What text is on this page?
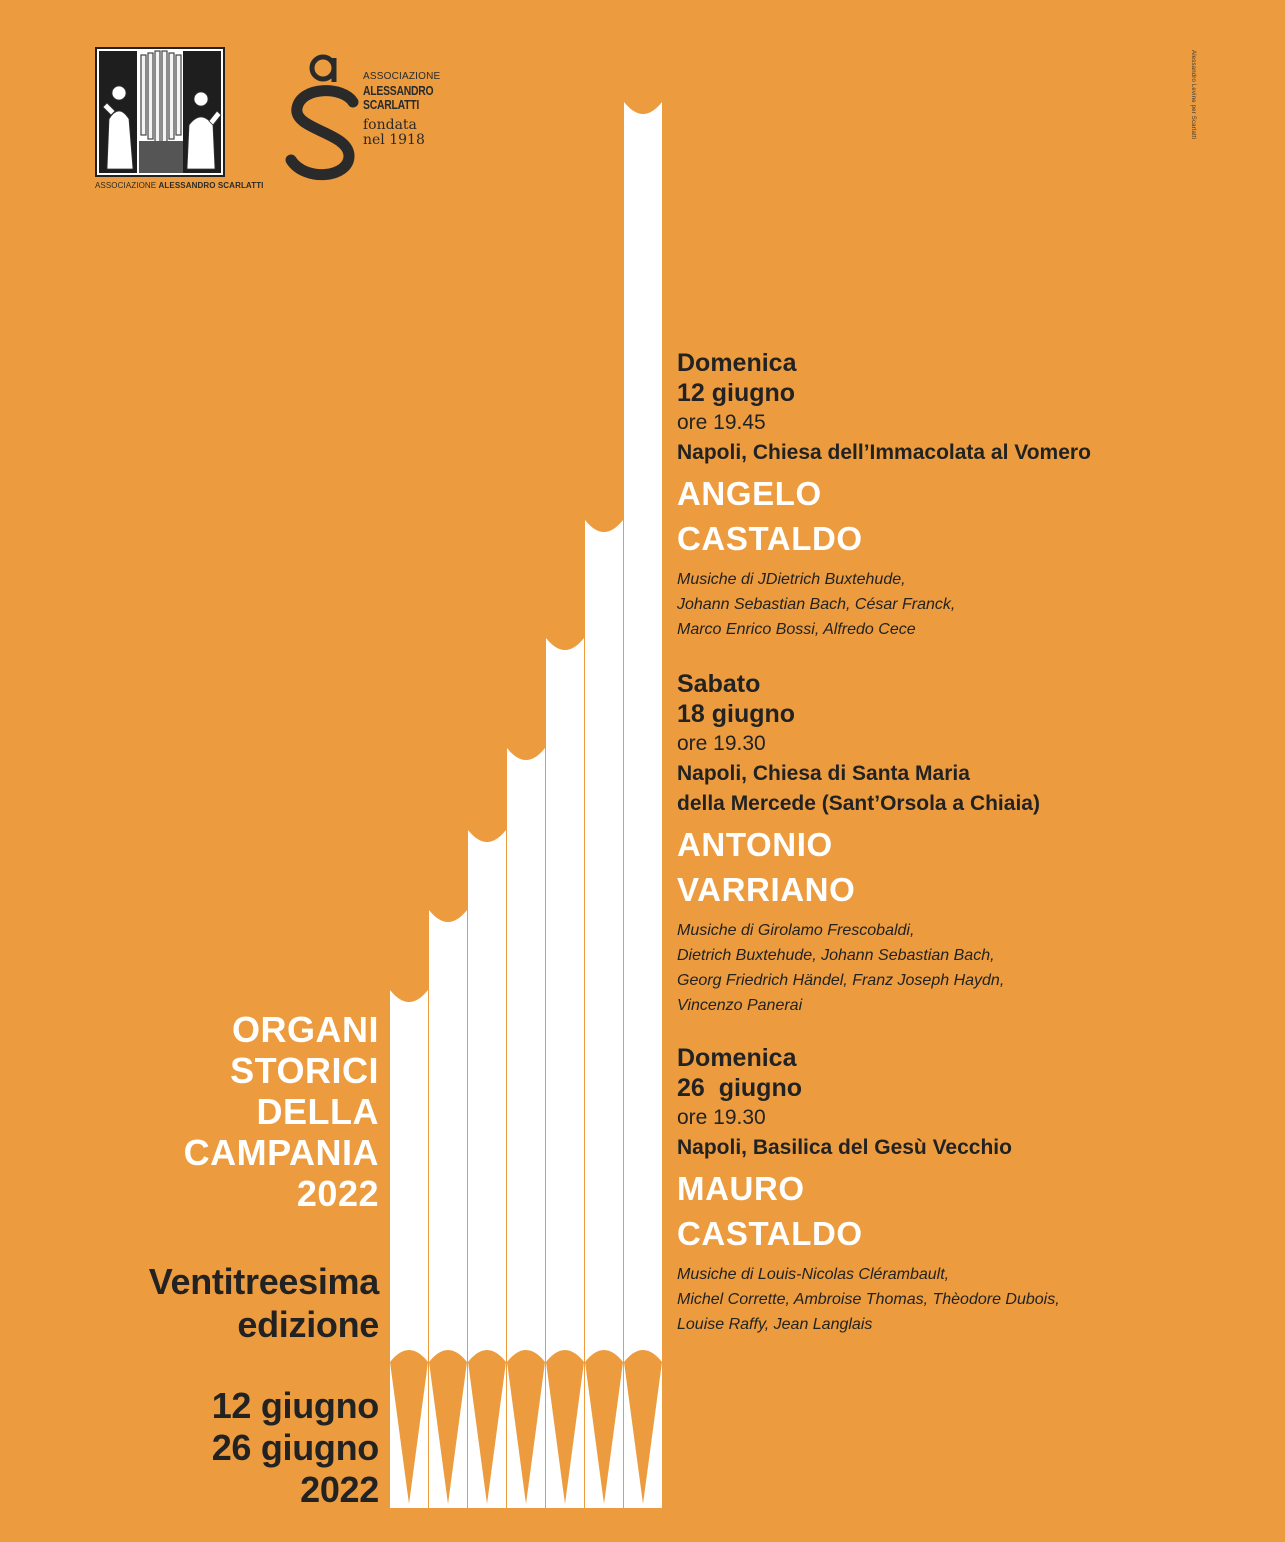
ASSOCIAZIONE ALESSANDRO SCARLATTI
ASSOCIAZIONE
ALESSANDRO
SCARLATTI
fondata
nel 1918
Alessandro Levine per Scarlatti
ORGANI
STORICI
DELLA
CAMPANIA
2022
Ventitreesima
edizione
12 giugno
26 giugno
2022
Domenica
12 giugno
ore 19.45
Napoli, Chiesa dell’Immacolata al Vomero
ANGELO
CASTALDO
Musiche di JDietrich Buxtehude,
Johann Sebastian Bach, César Franck,
Marco Enrico Bossi, Alfredo Cece
Sabato
18 giugno
ore 19.30
Napoli, Chiesa di Santa Maria
della Mercede (Sant’Orsola a Chiaia)
ANTONIO
VARRIANO
Musiche di Girolamo Frescobaldi,
Dietrich Buxtehude, Johann Sebastian Bach,
Georg Friedrich Händel, Franz Joseph Haydn,
Vincenzo Panerai
Domenica
26  giugno
ore 19.30
Napoli, Basilica del Gesù Vecchio
MAURO
CASTALDO
Musiche di Louis-Nicolas Clérambault,
Michel Corrette, Ambroise Thomas, Thèodore Dubois,
Louise Raffy, Jean Langlais
